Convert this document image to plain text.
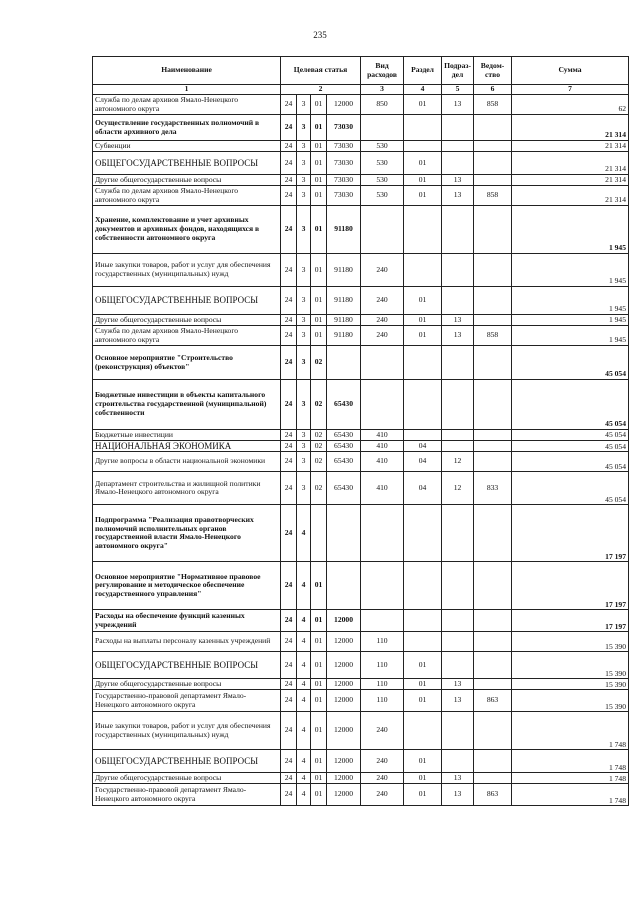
235
Наименование	Целевая статья				Вид расходов	Раздел	Подраз-дел	Ведом-ство	Сумма
1	2				3	4	5	6	7
Служба по делам архивов Ямало-Ненецкого автономного округа	24	3	01	12000	850	01	13	858	62
Осуществление государственных полномочий в области архивного дела	24	3	01	73030					21 314
Субвенции	24	3	01	73030	530				21 314
ОБЩЕГОСУДАРСТВЕННЫЕ ВОПРОСЫ	24	3	01	73030	530	01			21 314
Другие общегосударственные вопросы	24	3	01	73030	530	01	13		21 314
Служба по делам архивов Ямало-Ненецкого автономного округа	24	3	01	73030	530	01	13	858	21 314
Хранение, комплектование и учет архивных документов и архивных фондов, находящихся в собственности автономного округа	24	3	01	91180					1 945
Иные закупки товаров, работ и услуг для обеспечения государственных (муниципальных) нужд	24	3	01	91180	240				1 945
ОБЩЕГОСУДАРСТВЕННЫЕ ВОПРОСЫ	24	3	01	91180	240	01			1 945
Другие общегосударственные вопросы	24	3	01	91180	240	01	13		1 945
Служба по делам архивов Ямало-Ненецкого автономного округа	24	3	01	91180	240	01	13	858	1 945
Основное мероприятие "Строительство (реконструкция) объектов"	24	3	02						45 054
Бюджетные инвестиции в объекты капитального строительства государственной (муниципальной) собственности	24	3	02	65430					45 054
Бюджетные инвестиции	24	3	02	65430	410				45 054
НАЦИОНАЛЬНАЯ ЭКОНОМИКА	24	3	02	65430	410	04			45 054
Другие вопросы в области национальной экономики	24	3	02	65430	410	04	12		45 054
Департамент строительства и жилищной политики Ямало-Ненецкого автономного округа	24	3	02	65430	410	04	12	833	45 054
Подпрограмма "Реализация правотворческих полномочий исполнительных органов государственной власти Ямало-Ненецкого автономного округа"	24	4							17 197
Основное мероприятие "Нормативное правовое регулирование и методическое обеспечение государственного управления"	24	4	01						17 197
Расходы на обеспечение функций казенных учреждений	24	4	01	12000					17 197
Расходы на выплаты персоналу казенных учреждений	24	4	01	12000	110				15 390
ОБЩЕГОСУДАРСТВЕННЫЕ ВОПРОСЫ	24	4	01	12000	110	01			15 390
Другие общегосударственные вопросы	24	4	01	12000	110	01	13		15 390
Государственно-правовой департамент Ямало-Ненецкого автономного округа	24	4	01	12000	110	01	13	863	15 390
Иные закупки товаров, работ и услуг для обеспечения государственных (муниципальных) нужд	24	4	01	12000	240				1 748
ОБЩЕГОСУДАРСТВЕННЫЕ ВОПРОСЫ	24	4	01	12000	240	01			1 748
Другие общегосударственные вопросы	24	4	01	12000	240	01	13		1 748
Государственно-правовой департамент Ямало-Ненецкого автономного округа	24	4	01	12000	240	01	13	863	1 748
